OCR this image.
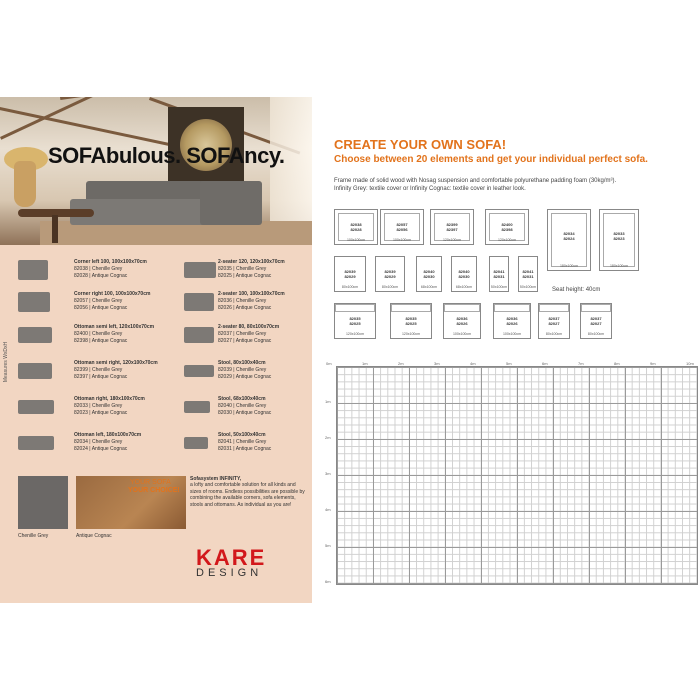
SOFAbulous. SOFAncy.
Measures WxDxH
Chenille Grey	Antique Cognac
YOUR SOFA
YOUR CHOICE!
Sofasystem INFINITY,
a lofty and comfortable solution for all kinds and sizes of rooms. Endless possibilities are possible by combining the available corners, sofa elements, stools and ottomans. As individual as you are!
KARE
DESIGN
Corner left 100, 100x100x70cm
82038 | Chenille Grey
82028 | Antique Cognac
Corner right 100, 100x100x70cm
82057 | Chenille Grey
82056 | Antique Cognac
Ottoman semi left, 120x100x70cm
82400 | Chenille Grey
82398 | Antique Cognac
Ottoman semi right, 120x100x70cm
82399 | Chenille Grey
82397 | Antique Cognac
Ottoman right, 180x100x70cm
82033 | Chenille Grey
82023 | Antique Cognac
Ottoman left, 180x100x70cm
82034 | Chenille Grey
82024 | Antique Cognac
2-seater 120, 120x100x70cm
82035 | Chenille Grey
82025 | Antique Cognac
2-seater 100, 100x100x70cm
82036 | Chenille Grey
82026 | Antique Cognac
2-seater 80, 80x100x70cm
82037 | Chenille Grey
82027 | Antique Cognac
Stool, 80x100x40cm
82039 | Chenille Grey
82029 | Antique Cognac
Stool, 68x100x40cm
82040 | Chenille Grey
82030 | Antique Cognac
Stool, 50x100x40cm
82041 | Chenille Grey
82031 | Antique Cognac
CREATE YOUR OWN SOFA!
Choose between 20 elements and get your individual perfect sofa.
Frame made of solid wood with Nosag suspension and comfortable polyurethane padding foam (30kg/m³).
Infinity Grey: textile cover or Infinity Cognac: textile cover in leather look.
Seat height: 40cm
82038
82028
100x100cm
82057
82056
100x100cm
82399
82397
120x100cm
82400
82398
120x100cm
82039
82029
80x100cm
82039
82029
80x100cm
82040
82030
68x100cm
82040
82030
68x100cm
82041
82031
50x100cm
82041
82031
50x100cm
82034
82024
180x100cm
82033
82023
180x100cm
82035
82025
120x100cm
82035
82025
120x100cm
82036
82026
100x100cm
82036
82026
100x100cm
82037
82027
80x100cm
82037
82027
80x100cm
0m	1m	2m	3m	4m	5m	6m	7m	8m	9m	10m
1m
2m
3m
4m
5m
6m
